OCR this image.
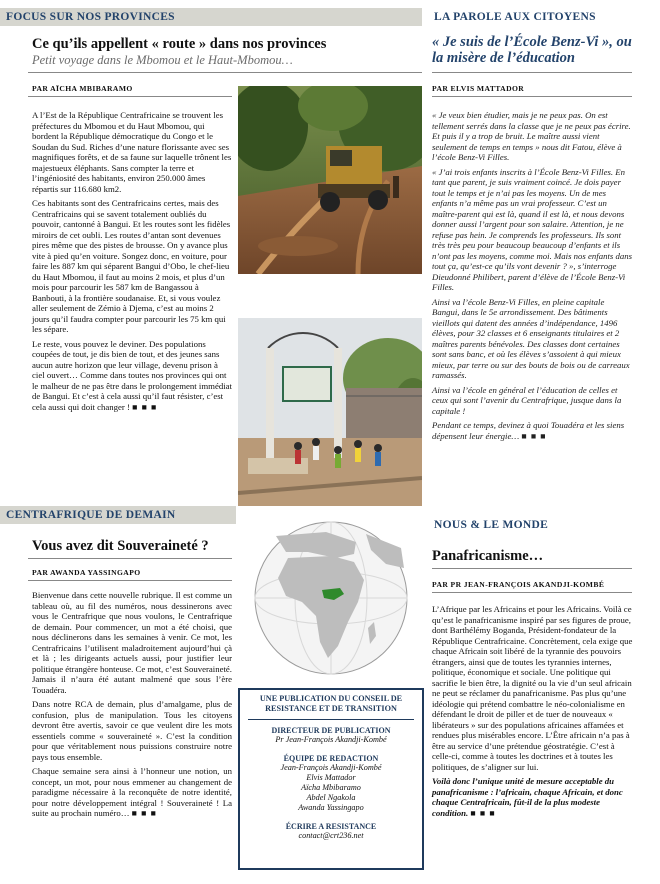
FOCUS SUR NOS PROVINCES	LA PAROLE AUX CITOYENS
Ce qu’ils appellent « route » dans nos provinces
Petit voyage dans le Mbomou et le Haut-Mbomou…
PAR AÏCHA MBIBARAMO

A l’Est de la République Centrafricaine se trouvent les préfectures du Mbomou et du Haut Mbomou, qui bordent la République démocratique du Congo et le Soudan du Sud. Riches d’une nature florissante avec ses magnifiques forêts, et de sa faune sur laquelle trônent les majestueux éléphants. Sans compter la terre et l’ingéniosité des habitants, environ 250.000 âmes répartis sur 116.680 km2.

Ces habitants sont des Centrafricains certes, mais des Centrafricains qui se savent totalement oubliés du pouvoir, cantonné à Bangui. Et les routes sont les fidèles miroirs de cet oubli. Les routes d’antan sont devenues pires même que des pistes de brousse. On y avance plus vite à pied qu’en voiture. Songez donc, en voiture, pour faire les 887 km qui séparent Bangui d’Obo, le chef-lieu du Haut Mbomou, il faut au moins 2 mois, et plus d’un mois pour parcourir les 587 km de Bangassou à Banbouti, à la frontière soudanaise. Et, si vous voulez aller seulement de Zémio à Djema, c’est au moins 2 jours qu’il faudra compter pour parcourir les 75 km qui les sépare.

Le reste, vous pouvez le deviner. Des populations coupées de tout, je dis bien de tout, et des jeunes sans aucun autre horizon que leur village, devenu prison à ciel ouvert… Comme dans toutes nos provinces qui ont le malheur de ne pas être dans le prolongement immédiat de Bangui. Et c’est à cela aussi qu’il faut résister, c’est cela aussi qui doit changer ! ■ ■ ■

« Je suis de l’École Benz-Vi », ou la misère de l’éducation
PAR ELVIS MATTADOR

« Je veux bien étudier, mais je ne peux pas. On est tellement serrés dans la classe que je ne peux pas écrire. Et puis il y a trop de bruit. Le maître aussi vient seulement de temps en temps » nous dit Fatou, élève à l’école Benz-Vi Filles.

« J’ai trois enfants inscrits à l’École Benz-Vi Filles. En tant que parent, je suis vraiment coincé. Je dois payer tout le temps et je n’ai pas les moyens. Un de mes enfants n’a même pas un vrai professeur. C’est un maître-parent qui est là, quand il est là, et nous devons donner aussi l’argent pour son salaire. Attention, je ne refuse pas hein. Je comprends les professeurs. Ils sont très très peu pour beaucoup beaucoup d’enfants et ils n’ont pas les moyens, comme moi. Mais nos enfants dans tout ça, qu’est-ce qu’ils vont devenir ? », s’interroge Dieudonné Philibert, parent d’élève de l’École Benz-Vi Filles.

Ainsi va l’école Benz-Vi Filles, en pleine capitale Bangui, dans le 5e arrondissement. Des bâtiments vieillots qui datent des années d’indépendance, 1496 élèves, pour 32 classes et 6 enseignants titulaires et 2 maîtres parents bénévoles. Des classes dont certaines sont sans banc, et où les élèves s’assoient à qui mieux mieux, par terre ou sur des bouts de bois ou de carreaux ramassés.

Ainsi va l’école en général et l’éducation de celles et ceux qui sont l’avenir du Centrafrique, jusque dans la capitale !

Pendant ce temps, devinez à quoi Touadéra et les siens dépensent leur énergie… ■ ■ ■

CENTRAFRIQUE DE DEMAIN
NOUS & LE MONDE
Vous avez dit Souveraineté ?
PAR AWANDA YASSINGAPO

Bienvenue dans cette nouvelle rubrique. Il est comme un tableau où, au fil des numéros, nous dessinerons avec vous le Centrafrique que nous voulons, le Centrafrique de demain. Pour commencer, un mot a été choisi, que nous déclinerons dans les semaines à venir. Ce mot, les Centrafricains l’utilisent maladroitement aujourd’hui çà et là ; les dirigeants actuels aussi, pour justifier leur politique étrangère honteuse. Ce mot, c’est Souveraineté. Jamais il n’aura été autant malmené que sous l’ère Touadéra.

Dans notre RCA de demain, plus d’amalgame, plus de confusion, plus de manipulation. Tous les citoyens devront être avertis, savoir ce que veulent dire les mots essentiels comme « souveraineté ». C’est la condition pour que véritablement nous puissions construire notre pays tous ensemble.

Chaque semaine sera ainsi à l’honneur une notion, un concept, un mot, pour nous emmener au changement de paradigme nécessaire à la reconquête de notre identité, pour notre développement intégral ! Souveraineté ! La suite au prochain numéro… ■ ■ ■

UNE PUBLICATION DU CONSEIL DE RESISTANCE ET DE TRANSITION
DIRECTEUR DE PUBLICATION
Pr Jean-François Akandji-Kombé
ÉQUIPE DE REDACTION
Jean-François Akandji-Kombé
Elvis Mattador
Aïcha Mbibaramo
Abdel Ngakola
Awanda Yassingapo
ÉCRIRE A RESISTANCE
contact@crt236.net
Panafricanisme…
PAR PR JEAN-FRANÇOIS AKANDJI-KOMBÉ

L’Afrique par les Africains et pour les Africains. Voilà ce qu’est le panafricanisme inspiré par ses figures de proue, dont Barthélémy Boganda, Président-fondateur de la République Centrafricaine. Concrètement, cela exige que chaque Africain soit libéré de la tyrannie des pouvoirs étrangers, ainsi que de toutes les tyrannies internes, politique, économique et sociale. Une politique qui sacrifie le bien être, la dignité ou la vie d’un seul africain ne peut se réclamer du panafricanisme. Pas plus qu’une idéologie qui prétend combattre le néo-colonialisme en défendant le droit de piller et de tuer de nouveaux « libérateurs » sur des populations africaines affamées et rendues plus misérables encore. L’Être africain n’a pas à être au service d’une prétendue géostratégie. C’est à celle-ci, comme à toutes les doctrines et à toutes les politiques, de s’aligner sur lui.

Voilà donc l’unique unité de mesure acceptable du panafricanisme : l’africain, chaque Africain, et donc chaque Centrafricain, fût-il de la plus modeste condition. ■ ■ ■
